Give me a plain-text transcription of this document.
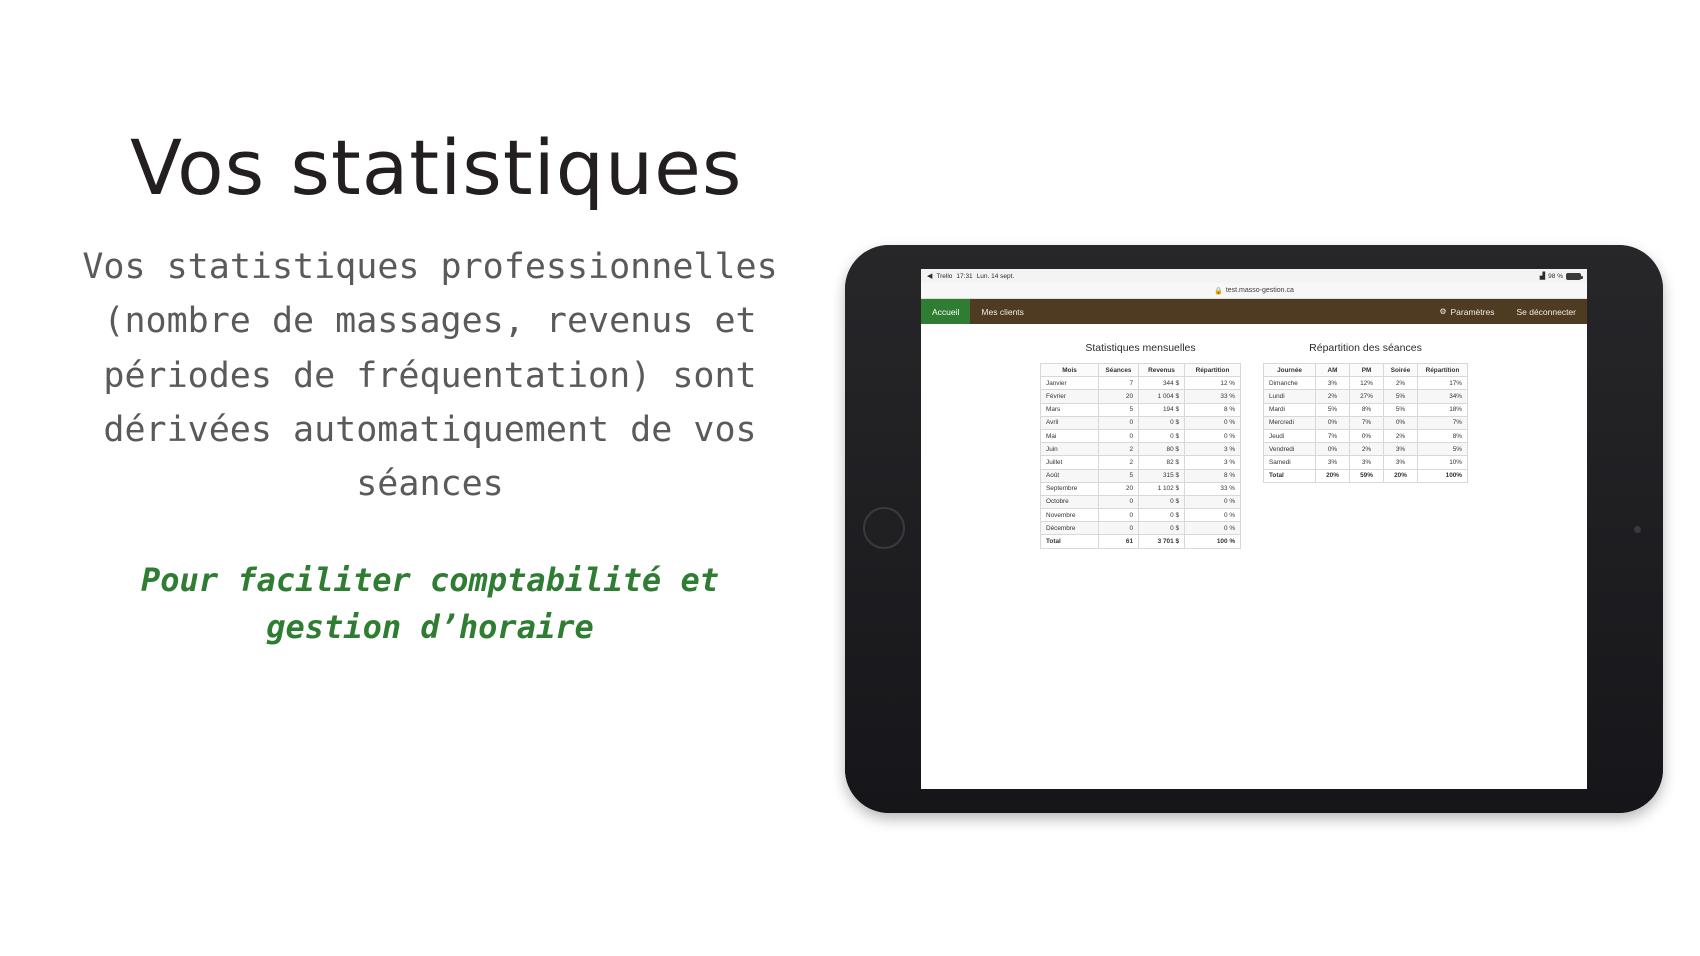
Vos statistiques
Vos statistiques professionnelles (nombre de massages, revenus et périodes de fréquentation) sont dérivées automatiquement de vos séances
Pour faciliter comptabilité et gestion d’horaire
◀ Trello 17:31 Lun. 14 sept.	▟ 98 %
🔒 test.masso-gestion.ca
Accueil	Mes clients	⚙ Paramètres	Se déconnecter
Statistiques mensuelles
Mois	Séances	Revenus	Répartition
Janvier	7	344 $	12 %
Février	20	1 004 $	33 %
Mars	5	194 $	8 %
Avril	0	0 $	0 %
Mai	0	0 $	0 %
Juin	2	80 $	3 %
Juillet	2	82 $	3 %
Août	5	315 $	8 %
Septembre	20	1 102 $	33 %
Octobre	0	0 $	0 %
Novembre	0	0 $	0 %
Décembre	0	0 $	0 %
Total	61	3 701 $	100 %
Répartition des séances
Journée	AM	PM	Soirée	Répartition
Dimanche	3%	12%	2%	17%
Lundi	2%	27%	5%	34%
Mardi	5%	8%	5%	18%
Mercredi	0%	7%	0%	7%
Jeudi	7%	0%	2%	8%
Vendredi	0%	2%	3%	5%
Samedi	3%	3%	3%	10%
Total	20%	59%	20%	100%
